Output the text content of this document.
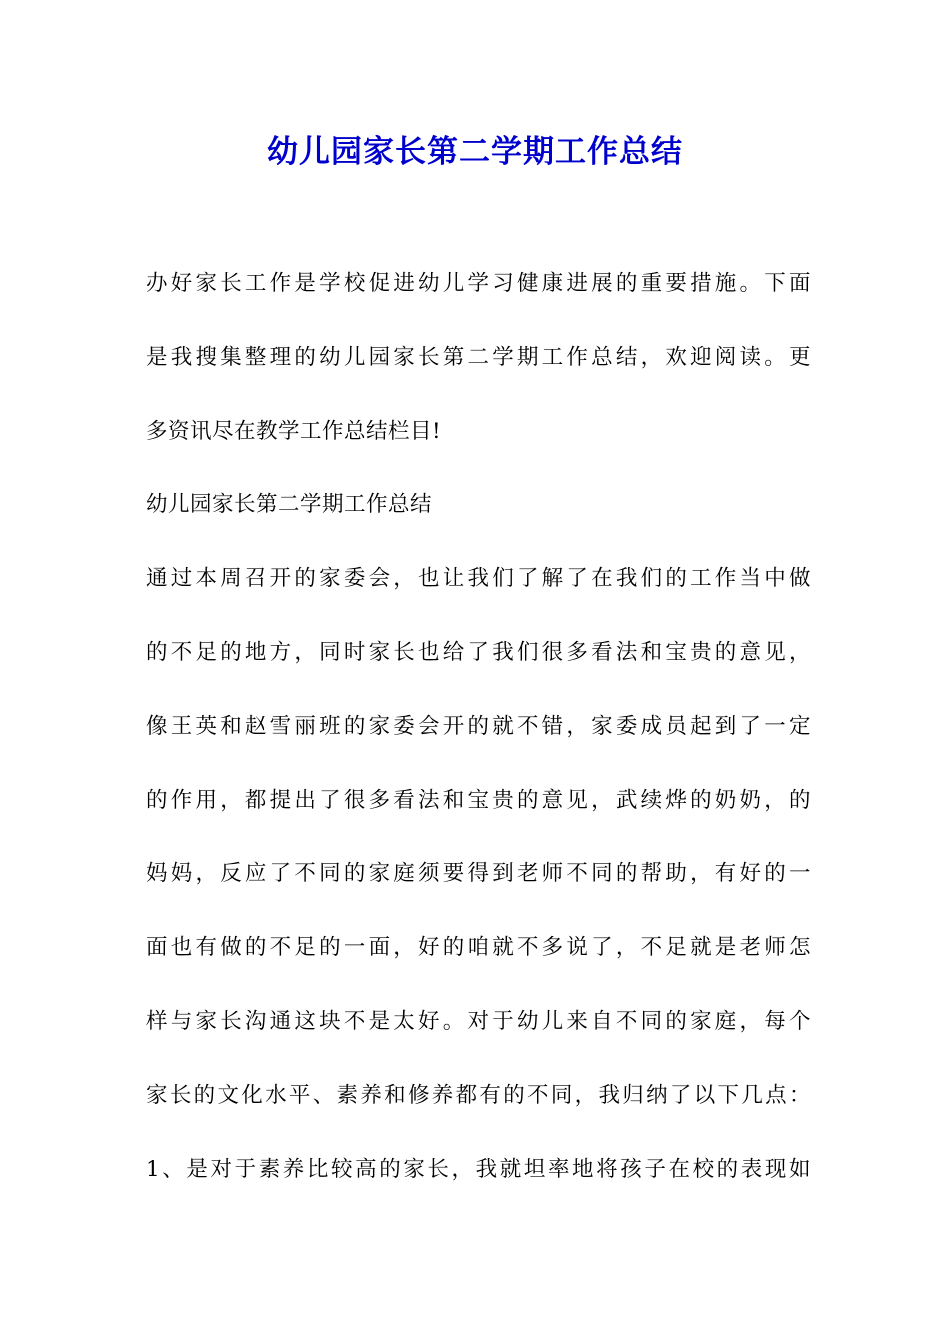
幼儿园家长第二学期工作总结
办好家长工作是学校促进幼儿学习健康进展的重要措施。下面
是我搜集整理的幼儿园家长第二学期工作总结，欢迎阅读。更
多资讯尽在教学工作总结栏目!
幼儿园家长第二学期工作总结
通过本周召开的家委会，也让我们了解了在我们的工作当中做
的不足的地方，同时家长也给了我们很多看法和宝贵的意见，
像王英和赵雪丽班的家委会开的就不错，家委成员起到了一定
的作用，都提出了很多看法和宝贵的意见，武续烨的奶奶，的
妈妈，反应了不同的家庭须要得到老师不同的帮助，有好的一
面也有做的不足的一面，好的咱就不多说了，不足就是老师怎
样与家长沟通这块不是太好。对于幼儿来自不同的家庭，每个
家长的文化水平、素养和修养都有的不同，我归纳了以下几点：
1、是对于素养比较高的家长，我就坦率地将孩子在校的表现如
